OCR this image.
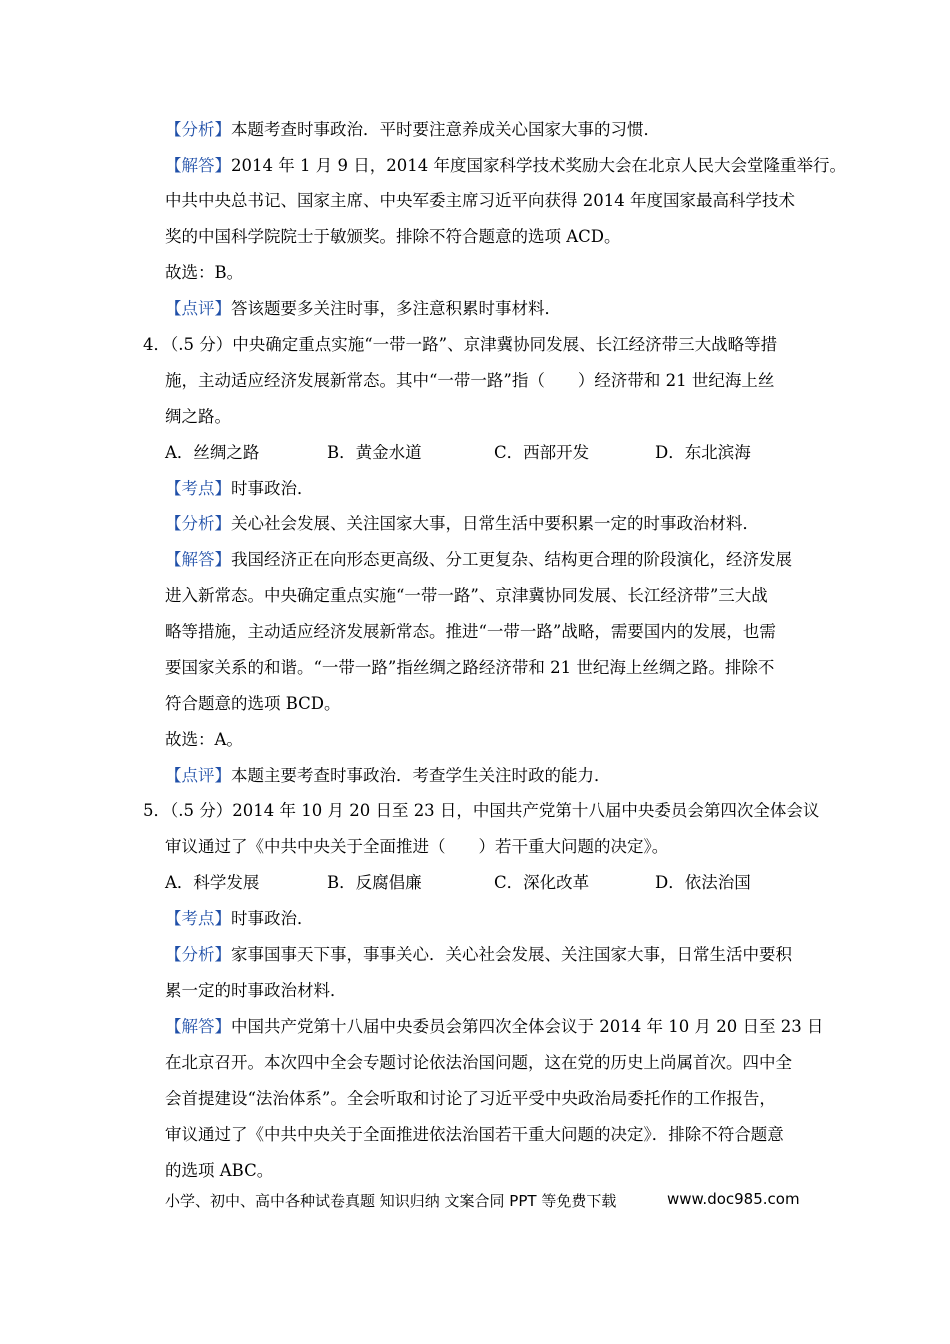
【分析】本题考查时事政治．平时要注意养成关心国家大事的习惯．
【解答】2014 年 1 月 9 日，2014 年度国家科学技术奖励大会在北京人民大会堂隆重举行。
中共中央总书记、国家主席、中央军委主席习近平向获得 2014 年度国家最高科学技术
奖的中国科学院院士于敏颁奖。排除不符合题意的选项 ACD。
故选：B。
【点评】答该题要多关注时事，多注意积累时事材料．
4．（.5 分）中央确定重点实施“一带一路”、京津冀协同发展、长江经济带三大战略等措
施，主动适应经济发展新常态。其中“一带一路”指（　　）经济带和 21 世纪海上丝
绸之路。
A．丝绸之路	B．黄金水道	C．西部开发	D．东北滨海
【考点】时事政治．
【分析】关心社会发展、关注国家大事，日常生活中要积累一定的时事政治材料．
【解答】我国经济正在向形态更高级、分工更复杂、结构更合理的阶段演化，经济发展
进入新常态。中央确定重点实施“一带一路”、京津冀协同发展、长江经济带”三大战
略等措施，主动适应经济发展新常态。推进“一带一路”战略，需要国内的发展，也需
要国家关系的和谐。“一带一路”指丝绸之路经济带和 21 世纪海上丝绸之路。排除不
符合题意的选项 BCD。
故选：A。
【点评】本题主要考查时事政治．考查学生关注时政的能力．
5．（.5 分）2014 年 10 月 20 日至 23 日，中国共产党第十八届中央委员会第四次全体会议
审议通过了《中共中央关于全面推进（　　）若干重大问题的决定》。
A．科学发展	B．反腐倡廉	C．深化改革	D．依法治国
【考点】时事政治．
【分析】家事国事天下事，事事关心．关心社会发展、关注国家大事，日常生活中要积
累一定的时事政治材料．
【解答】中国共产党第十八届中央委员会第四次全体会议于 2014 年 10 月 20 日至 23 日
在北京召开。本次四中全会专题讨论依法治国问题，这在党的历史上尚属首次。四中全
会首提建设“法治体系”。全会听取和讨论了习近平受中央政治局委托作的工作报告，
审议通过了《中共中央关于全面推进依法治国若干重大问题的决定》．排除不符合题意
的选项 ABC。
小学、初中、高中各种试卷真题 知识归纳 文案合同 PPT 等免费下载	www.doc985.com
